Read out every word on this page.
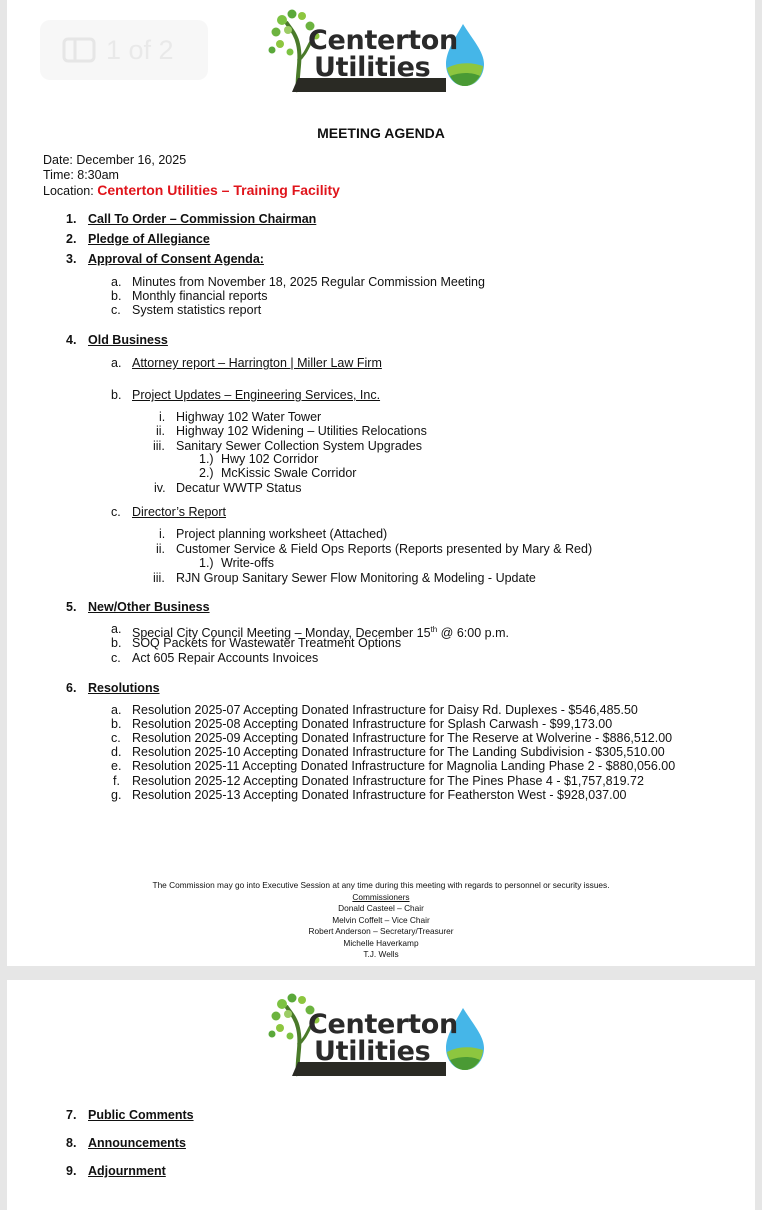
Centerton
Utilities
MEETING AGENDA
Date: December 16, 2025
Time: 8:30am
Location: Centerton Utilities – Training Facility
1. Call To Order – Commission Chairman
2. Pledge of Allegiance
3. Approval of Consent Agenda:
a. Minutes from November 18, 2025 Regular Commission Meeting
b. Monthly financial reports
c. System statistics report
4. Old Business
a. Attorney report – Harrington | Miller Law Firm
b. Project Updates – Engineering Services, Inc.
i. Highway 102 Water Tower
ii. Highway 102 Widening – Utilities Relocations
iii. Sanitary Sewer Collection System Upgrades
1.) Hwy 102 Corridor
2.) McKissic Swale Corridor
iv. Decatur WWTP Status
c. Director’s Report
i. Project planning worksheet (Attached)
ii. Customer Service & Field Ops Reports (Reports presented by Mary & Red)
1.) Write-offs
iii. RJN Group Sanitary Sewer Flow Monitoring & Modeling - Update
5. New/Other Business
a. Special City Council Meeting – Monday, December 15th @ 6:00 p.m.
b. SOQ Packets for Wastewater Treatment Options
c. Act 605 Repair Accounts Invoices
6. Resolutions
a. Resolution 2025-07 Accepting Donated Infrastructure for Daisy Rd. Duplexes - $546,485.50
b. Resolution 2025-08 Accepting Donated Infrastructure for Splash Carwash - $99,173.00
c. Resolution 2025-09 Accepting Donated Infrastructure for The Reserve at Wolverine - $886,512.00
d. Resolution 2025-10 Accepting Donated Infrastructure for The Landing Subdivision - $305,510.00
e. Resolution 2025-11 Accepting Donated Infrastructure for Magnolia Landing Phase 2 - $880,056.00
f. Resolution 2025-12 Accepting Donated Infrastructure for The Pines Phase 4 - $1,757,819.72
g. Resolution 2025-13 Accepting Donated Infrastructure for Featherston West - $928,037.00
The Commission may go into Executive Session at any time during this meeting with regards to personnel or security issues.
Commissioners
Donald Casteel – Chair
Melvin Coffelt – Vice Chair
Robert Anderson – Secretary/Treasurer
Michelle Haverkamp
T.J. Wells
1 of 2
Centerton
Utilities
7. Public Comments
8. Announcements
9. Adjournment
